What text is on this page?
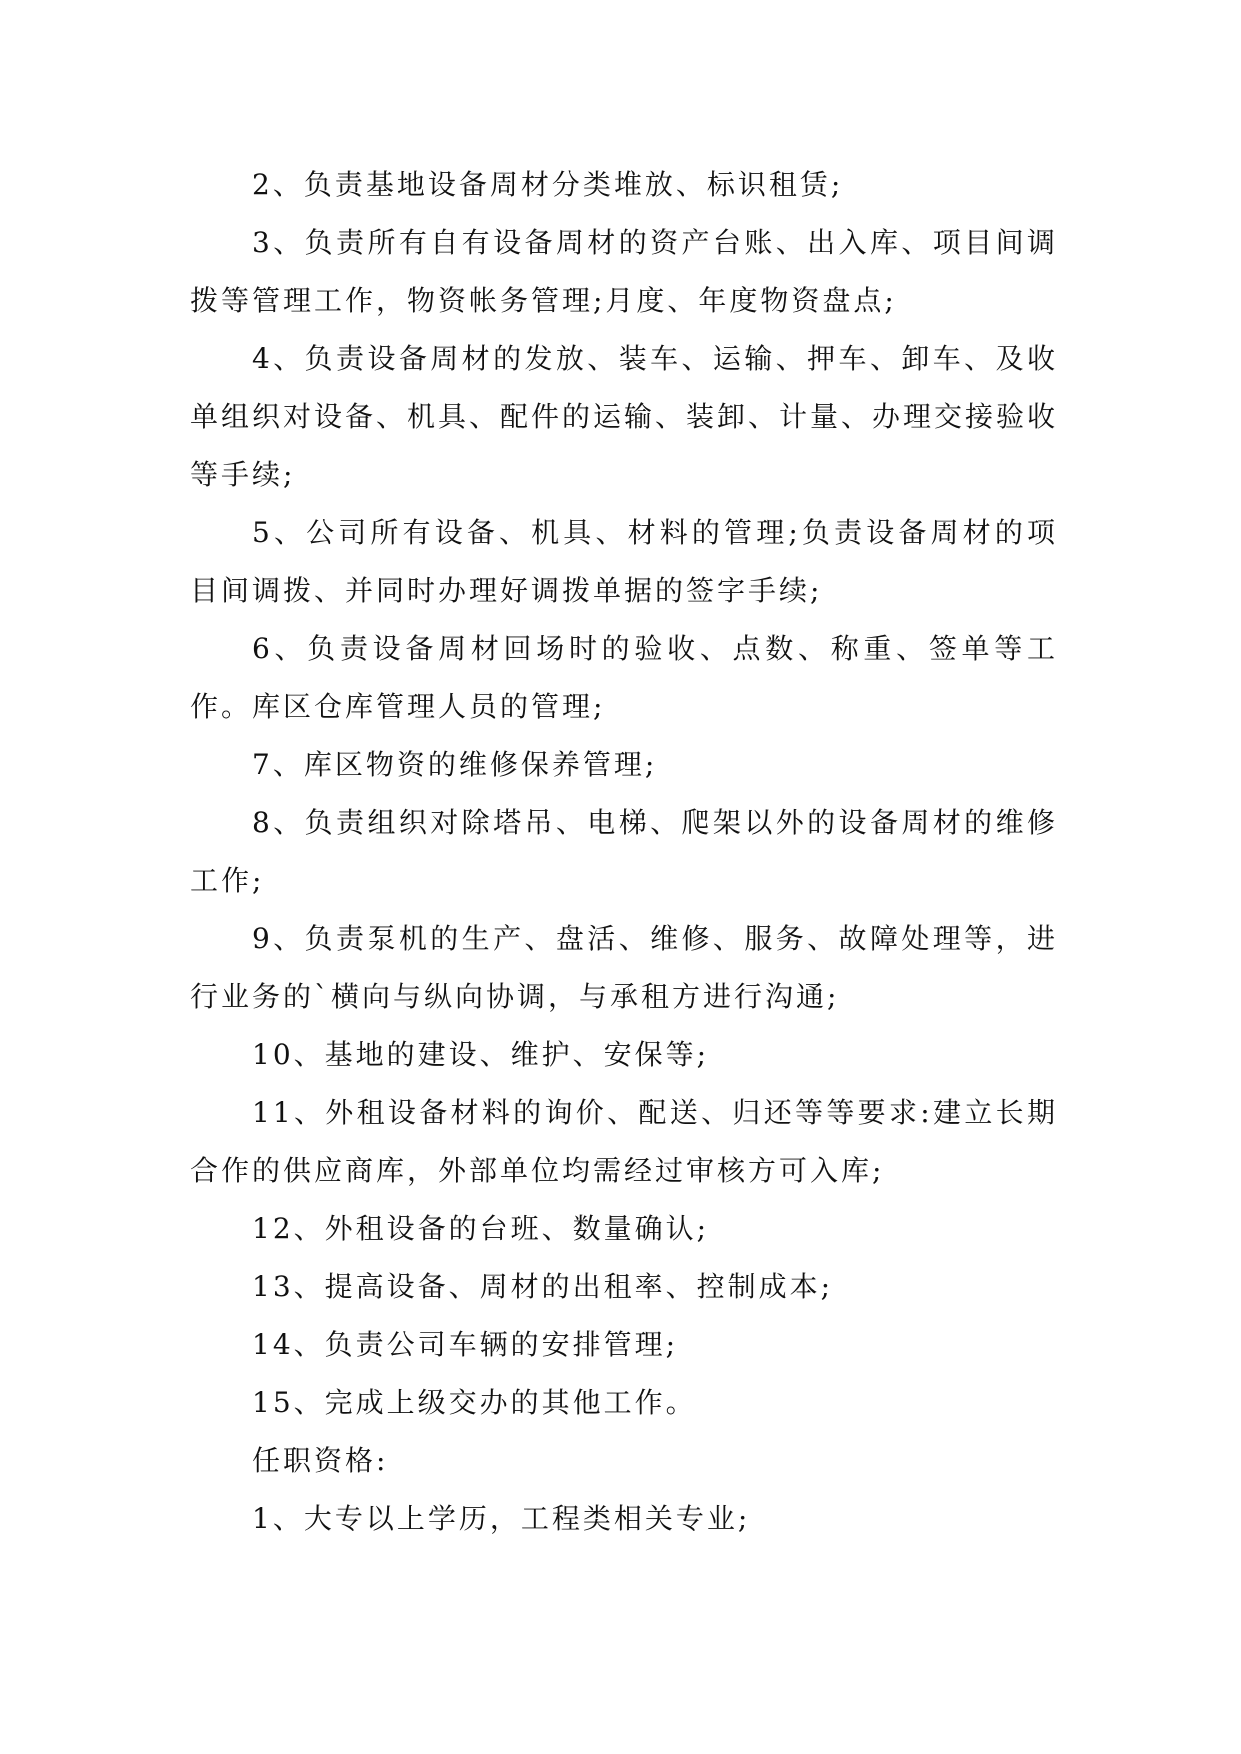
2、负责基地设备周材分类堆放、标识租赁;

3、负责所有自有设备周材的资产台账、出入库、项目间调拨等管理工作，物资帐务管理;月度、年度物资盘点;

4、负责设备周材的发放、装车、运输、押车、卸车、及收单组织对设备、机具、配件的运输、装卸、计量、办理交接验收等手续;

5、公司所有设备、机具、材料的管理;负责设备周材的项目间调拨、并同时办理好调拨单据的签字手续;

6、负责设备周材回场时的验收、点数、称重、签单等工作。库区仓库管理人员的管理;

7、库区物资的维修保养管理;

8、负责组织对除塔吊、电梯、爬架以外的设备周材的维修工作;

9、负责泵机的生产、盘活、维修、服务、故障处理等，进行业务的`横向与纵向协调，与承租方进行沟通;

10、基地的建设、维护、安保等;

11、外租设备材料的询价、配送、归还等等要求:建立长期合作的供应商库，外部单位均需经过审核方可入库;

12、外租设备的台班、数量确认;

13、提高设备、周材的出租率、控制成本;

14、负责公司车辆的安排管理;

15、完成上级交办的其他工作。

任职资格:

1、大专以上学历，工程类相关专业;
